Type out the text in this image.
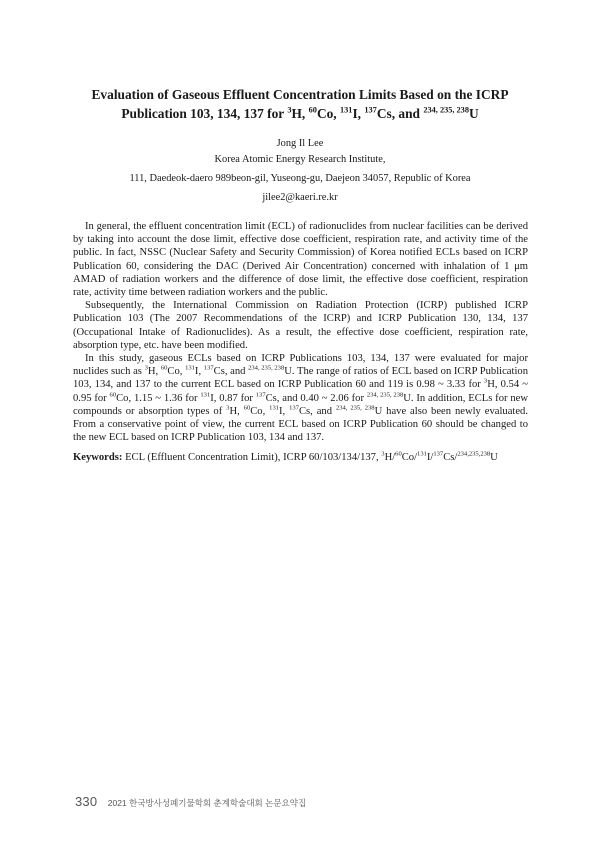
Evaluation of Gaseous Effluent Concentration Limits Based on the ICRP
Publication 103, 134, 137 for $^3$H, $^{60}$Co, $^{131}$I, $^{137}$Cs, and $^{234, 235, 238}$U
Jong Il Lee
Korea Atomic Energy Research Institute,
111, Daedeok-daero 989beon-gil, Yuseong-gu, Daejeon 34057, Republic of Korea
jilee2@kaeri.re.kr

In general, the effluent concentration limit (ECL) of radionuclides from nuclear facilities can be derived by taking into account the dose limit, effective dose coefficient, respiration rate, and activity time of the public. In fact, NSSC (Nuclear Safety and Security Commission) of Korea notified ECLs based on ICRP Publication 60, considering the DAC (Derived Air Concentration) concerned with inhalation of 1 μm AMAD of radiation workers and the difference of dose limit, the effective dose coefficient, respiration rate, activity time between radiation workers and the public.

Subsequently, the International Commission on Radiation Protection (ICRP) published ICRP Publication 103 (The 2007 Recommendations of the ICRP) and ICRP Publication 130, 134, 137 (Occupational Intake of Radionuclides). As a result, the effective dose coefficient, respiration rate, absorption type, etc. have been modified.

In this study, gaseous ECLs based on ICRP Publications 103, 134, 137 were evaluated for major nuclides such as $^3$H, $^{60}$Co, $^{131}$I, $^{137}$Cs, and $^{234, 235, 238}$U. The range of ratios of ECL based on ICRP Publication 103, 134, and 137 to the current ECL based on ICRP Publication 60 and 119 is 0.98 ~ 3.33 for $^3$H, 0.54 ~ 0.95 for $^{60}$Co, 1.15 ~ 1.36 for $^{131}$I, 0.87 for $^{137}$Cs, and 0.40 ~ 2.06 for $^{234, 235, 238}$U. In addition, ECLs for new compounds or absorption types of $^3$H, $^{60}$Co, $^{131}$I, $^{137}$Cs, and $^{234, 235, 238}$U have also been newly evaluated. From a conservative point of view, the current ECL based on ICRP Publication 60 should be changed to the new ECL based on ICRP Publication 103, 134 and 137.

Keywords: ECL (Effluent Concentration Limit), ICRP 60/103/134/137, $^3$H/$^{60}$Co/$^{131}$I/$^{137}$Cs/$^{234,235,238}$U
330 2021 한국방사성폐기물학회 춘계학술대회 논문요약집
